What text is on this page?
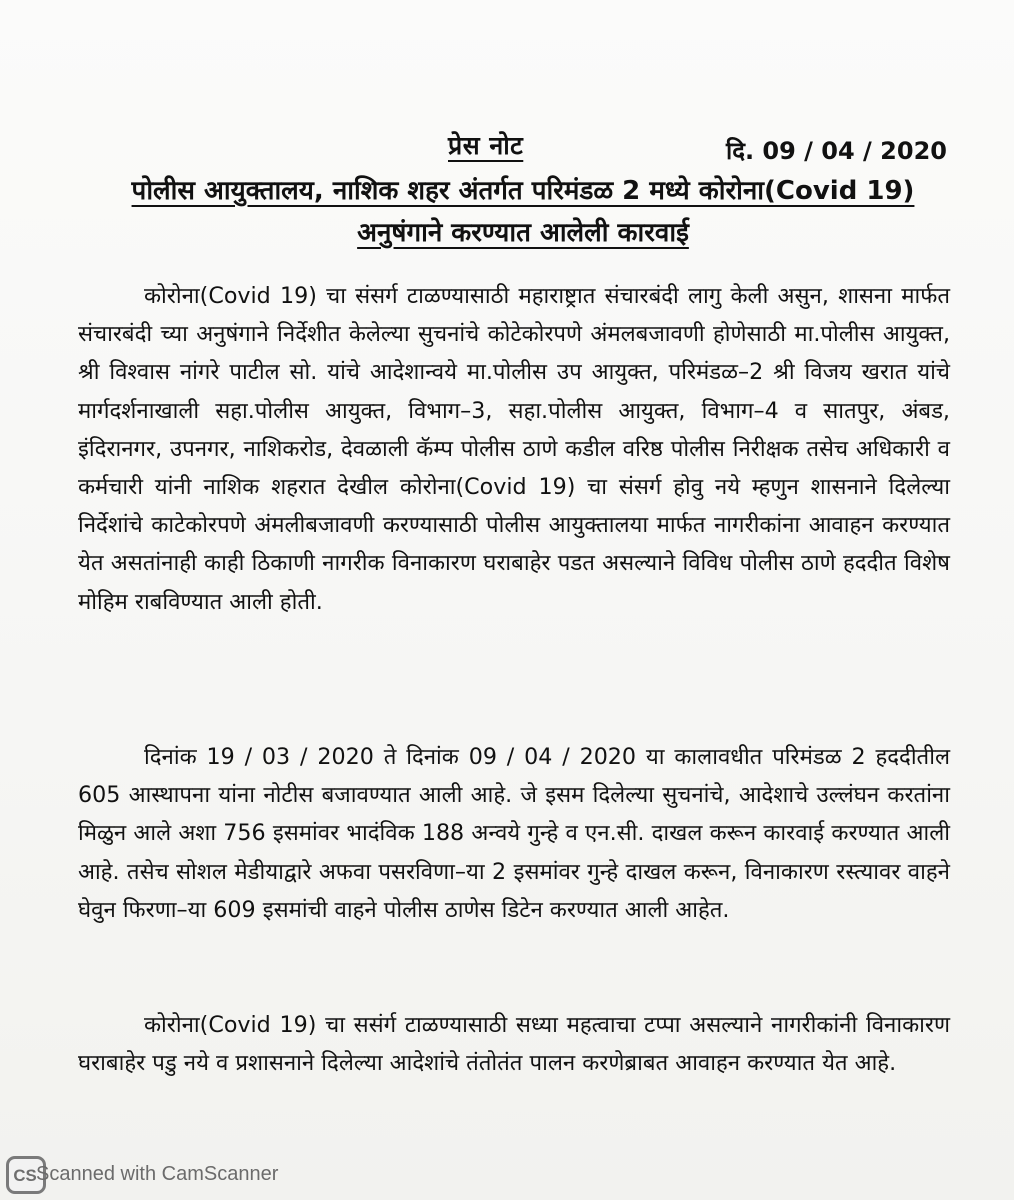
प्रेस नोट	दि. 09 / 04 / 2020
पोलीस आयुक्तालय, नाशिक शहर अंतर्गत परिमंडळ 2 मध्ये कोरोना(Covid 19) अनुषंगाने करण्यात आलेली कारवाई

कोरोना(Covid 19) चा संसर्ग टाळण्यासाठी महाराष्ट्रात संचारबंदी लागु केली असुन, शासना मार्फत संचारबंदी च्या अनुषंगाने निर्देशीत केलेल्या सुचनांचे कोटेकोरपणे अंमलबजावणी होणेसाठी मा.पोलीस आयुक्त, श्री विश्वास नांगरे पाटील सो. यांचे आदेशान्वये मा.पोलीस उप आयुक्त, परिमंडळ–2 श्री विजय खरात यांचे मार्गदर्शनाखाली सहा.पोलीस आयुक्त, विभाग–3, सहा.पोलीस आयुक्त, विभाग–4 व सातपुर, अंबड, इंदिरानगर, उपनगर, नाशिकरोड, देवळाली कॅम्प पोलीस ठाणे कडील वरिष्ठ पोलीस निरीक्षक तसेच अधिकारी व कर्मचारी यांनी नाशिक शहरात देखील कोरोना(Covid 19) चा संसर्ग होवु नये म्हणुन शासनाने दिलेल्या निर्देशांचे काटेकोरपणे अंमलीबजावणी करण्यासाठी पोलीस आयुक्तालया मार्फत नागरीकांना आवाहन करण्यात येत असतांनाही काही ठिकाणी नागरीक विनाकारण घराबाहेर पडत असल्याने विविध पोलीस ठाणे हददीत विशेष मोहिम राबविण्यात आली होती.

दिनांक 19 / 03 / 2020 ते दिनांक 09 / 04 / 2020 या कालावधीत परिमंडळ 2 हददीतील 605 आस्थापना यांना नोटीस बजावण्यात आली आहे. जे इसम दिलेल्या सुचनांचे, आदेशाचे उल्लंघन करतांना मिळुन आले अशा 756 इसमांवर भादंविक 188 अन्वये गुन्हे व एन.सी. दाखल करून कारवाई करण्यात आली आहे. तसेच सोशल मेडीयाद्वारे अफवा पसरविणा–या 2 इसमांवर गुन्हे दाखल करून, विनाकारण रस्त्यावर वाहने घेवुन फिरणा–या 609 इसमांची वाहने पोलीस ठाणेस डिटेन करण्यात आली आहेत.

कोरोना(Covid 19) चा ससंर्ग टाळण्यासाठी सध्या महत्वाचा टप्पा असल्याने नागरीकांनी विनाकारण घराबाहेर पडु नये व प्रशासनाने दिलेल्या आदेशांचे तंतोतंत पालन करणेब्राबत आवाहन करण्यात येत आहे.

CS Scanned with CamScanner
